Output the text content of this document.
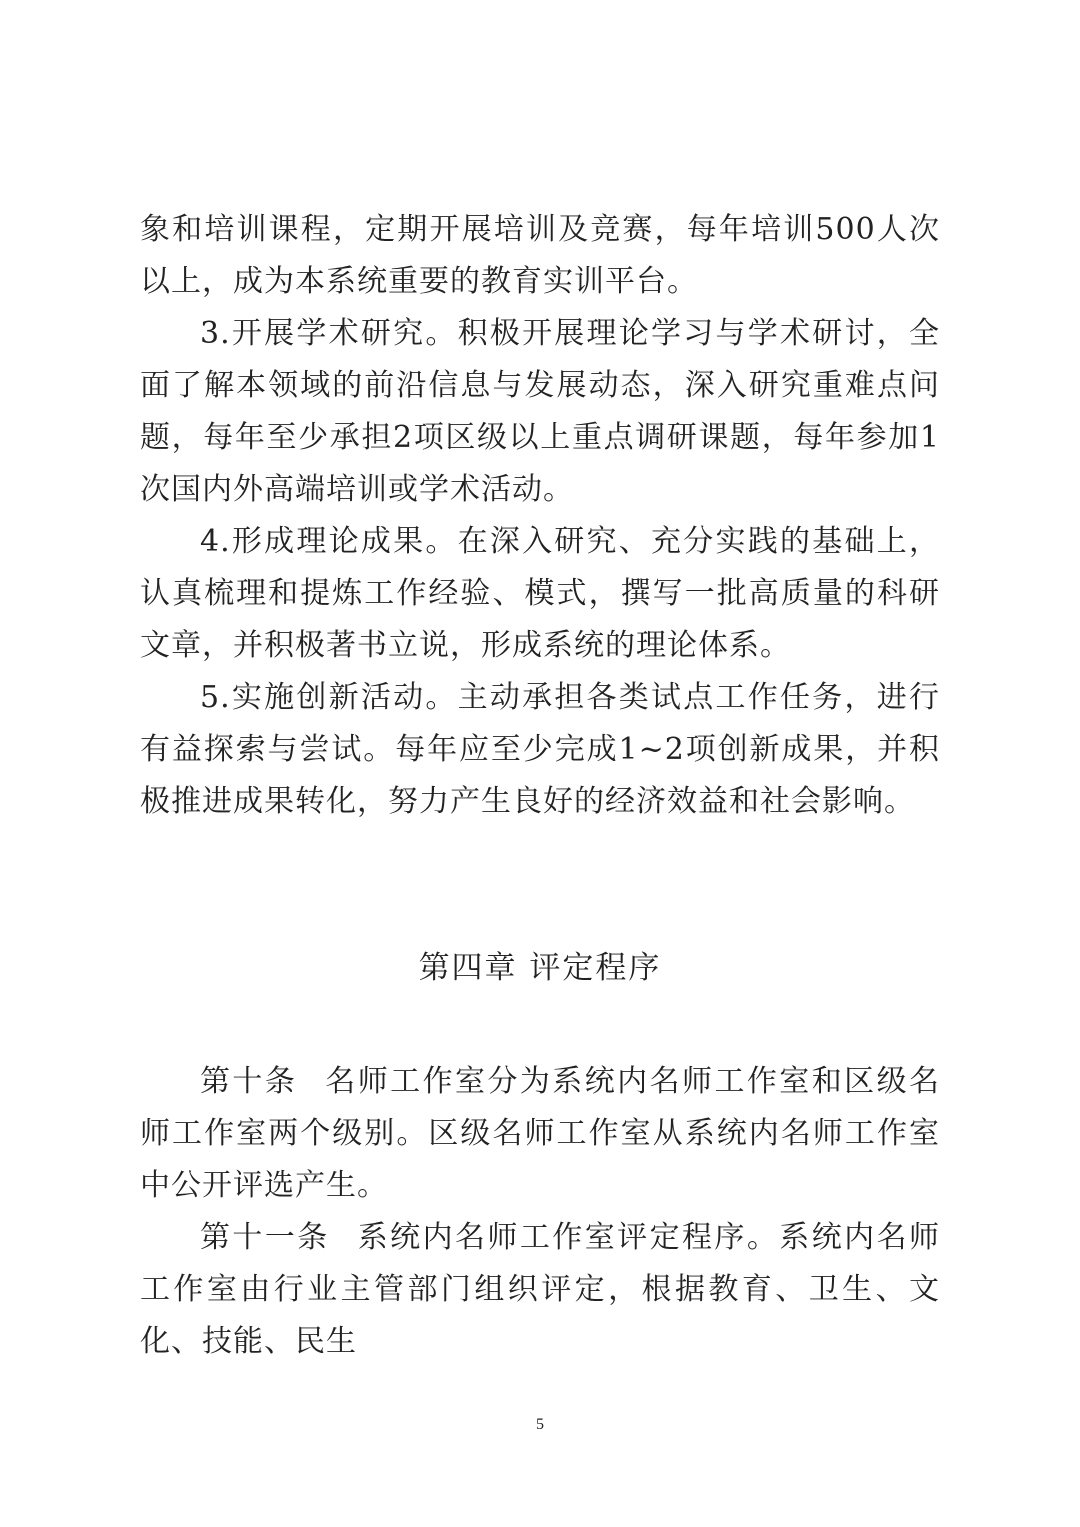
象和培训课程，定期开展培训及竞赛，每年培训500人次以上，成为本系统重要的教育实训平台。

3.开展学术研究。积极开展理论学习与学术研讨，全面了解本领域的前沿信息与发展动态，深入研究重难点问题，每年至少承担2项区级以上重点调研课题，每年参加1次国内外高端培训或学术活动。

4.形成理论成果。在深入研究、充分实践的基础上，认真梳理和提炼工作经验、模式，撰写一批高质量的科研文章，并积极著书立说，形成系统的理论体系。

5.实施创新活动。主动承担各类试点工作任务，进行有益探索与尝试。每年应至少完成1~2项创新成果，并积极推进成果转化，努力产生良好的经济效益和社会影响。

第四章 评定程序

第十条 名师工作室分为系统内名师工作室和区级名师工作室两个级别。区级名师工作室从系统内名师工作室中公开评选产生。

第十一条 系统内名师工作室评定程序。系统内名师工作室由行业主管部门组织评定，根据教育、卫生、文化、技能、民生

5
